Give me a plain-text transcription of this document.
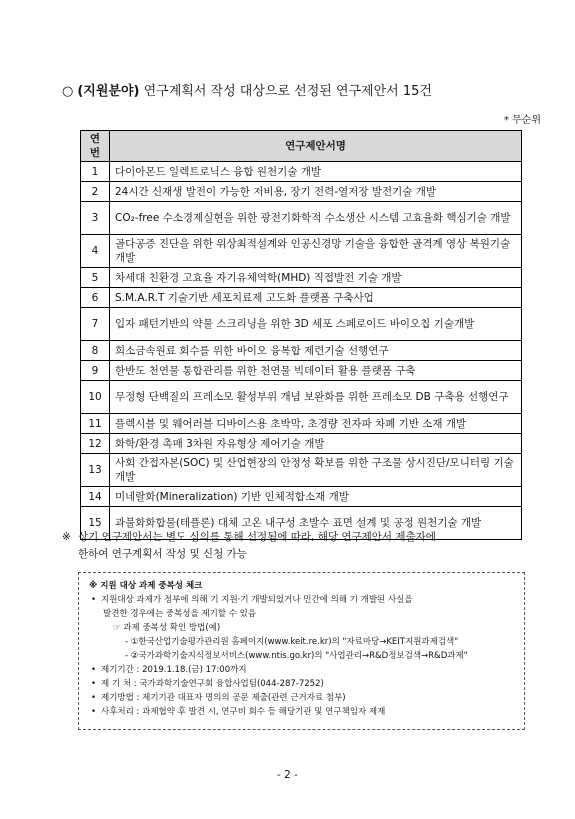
○ (지원분야) 연구계획서 작성 대상으로 선정된 연구제안서 15건
* 무순위
연번	연구제안서명
1	다이아몬드 일렉트로닉스 융합 원천기술 개발
2	24시간 신재생 발전이 가능한 저비용, 장기 전력-열저장 발전기술 개발
3	CO₂-free 수소경제실현을 위한 광전기화학적 수소생산 시스템 고효율화 핵심기술 개발
4	골다공증 진단을 위한 위상최적설계와 인공신경망 기술을 융합한 골격계 영상 복원기술 개발
5	차세대 친환경 고효율 자기유체역학(MHD) 직접발전 기술 개발
6	S.M.A.R.T 기술기반 세포치료제 고도화 플랫폼 구축사업
7	입자 패턴기반의 약물 스크리닝을 위한 3D 세포 스페로이드 바이오칩 기술개발
8	희소금속원료 회수를 위한 바이오 융복합 제련기술 선행연구
9	한반도 천연물 통합관리를 위한 천연물 빅데이터 활용 플랫폼 구축
10	무정형 단백질의 프레소모 활성부위 개념 보완화를 위한 프레소모 DB 구축용 선행연구
11	플렉시블 및 웨어러블 디바이스용 초박막, 초경량 전자파 차폐 기반 소재 개발
12	화학/환경 촉매 3차원 자유형상 제어기술 개발
13	사회 간접자본(SOC) 및 산업현장의 안정성 확보를 위한 구조물 상시진단/모니터링 기술개발
14	미네랄화(Mineralization) 기반 인체적합소재 개발
15	과불화화합물(테플론) 대체 고온 내구성 초발수 표면 설계 및 공정 원천기술 개발
※ 상기 연구제안서는 별도 심의를 통해 선정됨에 따라, 해당 연구제안서 제출자에
한하여 연구계획서 작성 및 신청 가능
※ 지원 대상 과제 중복성 체크
• 지원대상 과제가 정부에 의해 기 지원·기 개발되었거나 민간에 의해 기 개발된 사실을
발견한 경우에는 중복성을 제기할 수 있음
☞ 과제 중복성 확인 방법(예)
- ①한국산업기술평가관리원 홈페이지(www.keit.re.kr)의 "자료마당→KEIT지원과제검색"
- ②국가과학기술지식정보서비스(www.ntis.go.kr)의 "사업관리→R&D정보검색→R&D과제"
• 제기기간 : 2019.1.18.(금) 17:00까지
• 제 기 처 : 국가과학기술연구회 융합사업팀(044-287-7252)
• 제기방법 : 제기기관 대표자 명의의 공문 제출(관련 근거자료 첨부)
• 사후처리 : 과제협약 후 발견 시, 연구비 회수 등 해당기관 및 연구책임자 제재
- 2 -
